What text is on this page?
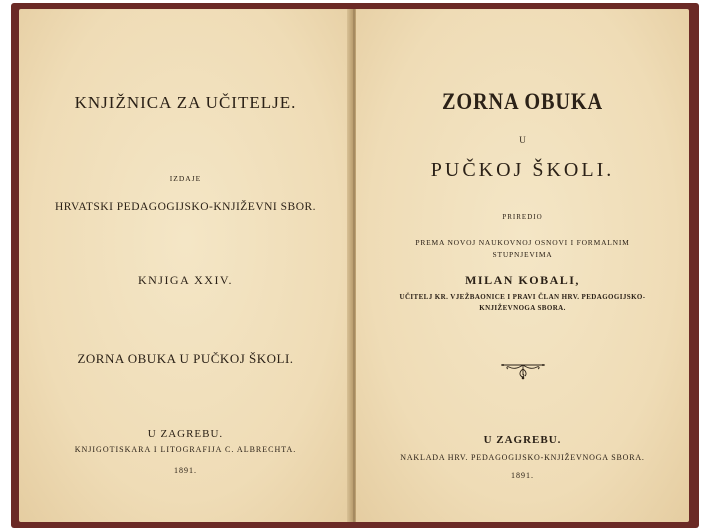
KNJIŽNICA ZA UČITELJE.
IZDAJE
HRVATSKI PEDAGOGIJSKO-KNJIŽEVNI SBOR.
KNJIGA XXIV.
ZORNA OBUKA U PUČKOJ ŠKOLI.
U ZAGREBU.
KNJIGOTISKARA I LITOGRAFIJA C. ALBRECHTA.
1891.
ZORNA OBUKA
U
PUČKOJ ŠKOLI.
PRIREDIO
PREMA NOVOJ NAUKOVNOJ OSNOVI I FORMALNIM
STUPNJEVIMA
MILAN KOBALI,
UČITELJ KR. VJEŽBAONICE I PRAVI ČLAN HRV. PEDAGOGIJSKO-
KNJIŽEVNOGA SBORA.
U ZAGREBU.
NAKLADA HRV. PEDAGOGIJSKO-KNJIŽEVNOGA SBORA.
1891.
